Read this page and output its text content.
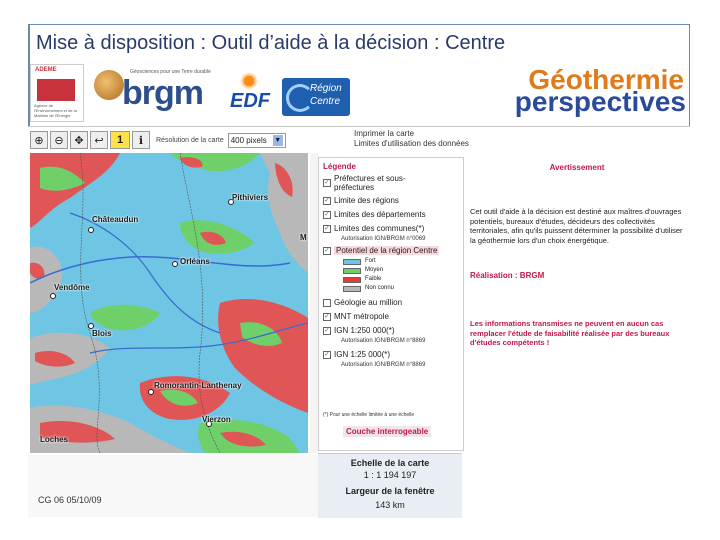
Mise à disposition : Outil d’aide à la décision : Centre
ADEME
Agence de l'Environnement et de la Maîtrise de l'Énergie
Géosciences pour une Terre durable
brgm EDF
Région
Centre
Géothermie
perspectives
⊕ ⊖ ✥ ↩	1	ℹ	Résolution de la carte 400 pixels ▼
Imprimer la carte
Limites d'utilisation des données
Pithiviers
Châteaudun
Orléans
Vendôme
Blois
Romorantin-Lanthenay
Vierzon
Loches
M
CG 06 05/10/09
Légende
✓ Préfectures et sous-préfectures
✓ Limite des régions
✓ Limites des départements
✓ Limites des communes(*)
Autorisation IGN/BRGM n°0069
✓ Potentiel de la région Centre
Fort
Moyen
Faible
Non connu
Géologie au million
✓ MNT métropole
✓ IGN 1:250 000(*)
Autorisation IGN/BRGM n°8869
✓ IGN 1:25 000(*)
Autorisation IGN/BRGM n°8869
(*) Pour une échelle limitée à une échelle
Couche interrogeable
Echelle de la carte
1 : 1 194 197
Largeur de la fenêtre
143 km
Avertissement
Cet outil d'aide à la décision est destiné aux maîtres d'ouvrages potentiels, bureaux d'études, décideurs des collectivités territoriales, afin qu'ils puissent déterminer la possibilité d'utiliser la géothermie lors d'un choix énergétique.
Réalisation : BRGM
Les informations transmises ne peuvent en aucun cas remplacer l'étude de faisabilité réalisée par des bureaux d'études compétents !
